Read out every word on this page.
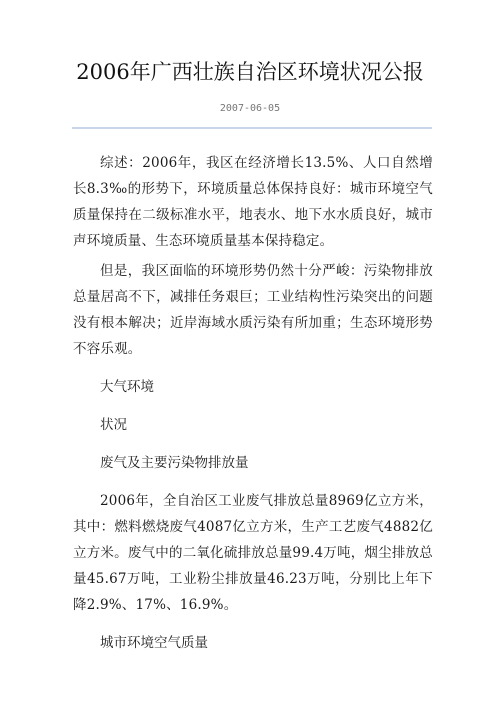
2006年广西壮族自治区环境状况公报
2007-06-05

综述：2006年，我区在经济增长13.5%、人口自然增长8.3‰的形势下，环境质量总体保持良好：城市环境空气质量保持在二级标准水平，地表水、地下水水质良好，城市声环境质量、生态环境质量基本保持稳定。

但是，我区面临的环境形势仍然十分严峻：污染物排放总量居高不下，减排任务艰巨；工业结构性污染突出的问题没有根本解决；近岸海域水质污染有所加重；生态环境形势不容乐观。

大气环境

状况

废气及主要污染物排放量

2006年，全自治区工业废气排放总量8969亿立方米，其中：燃料燃烧废气4087亿立方米，生产工艺废气4882亿立方米。废气中的二氧化硫排放总量99.4万吨，烟尘排放总量45.67万吨，工业粉尘排放量46.23万吨，分别比上年下降2.9%、17%、16.9%。

城市环境空气质量
